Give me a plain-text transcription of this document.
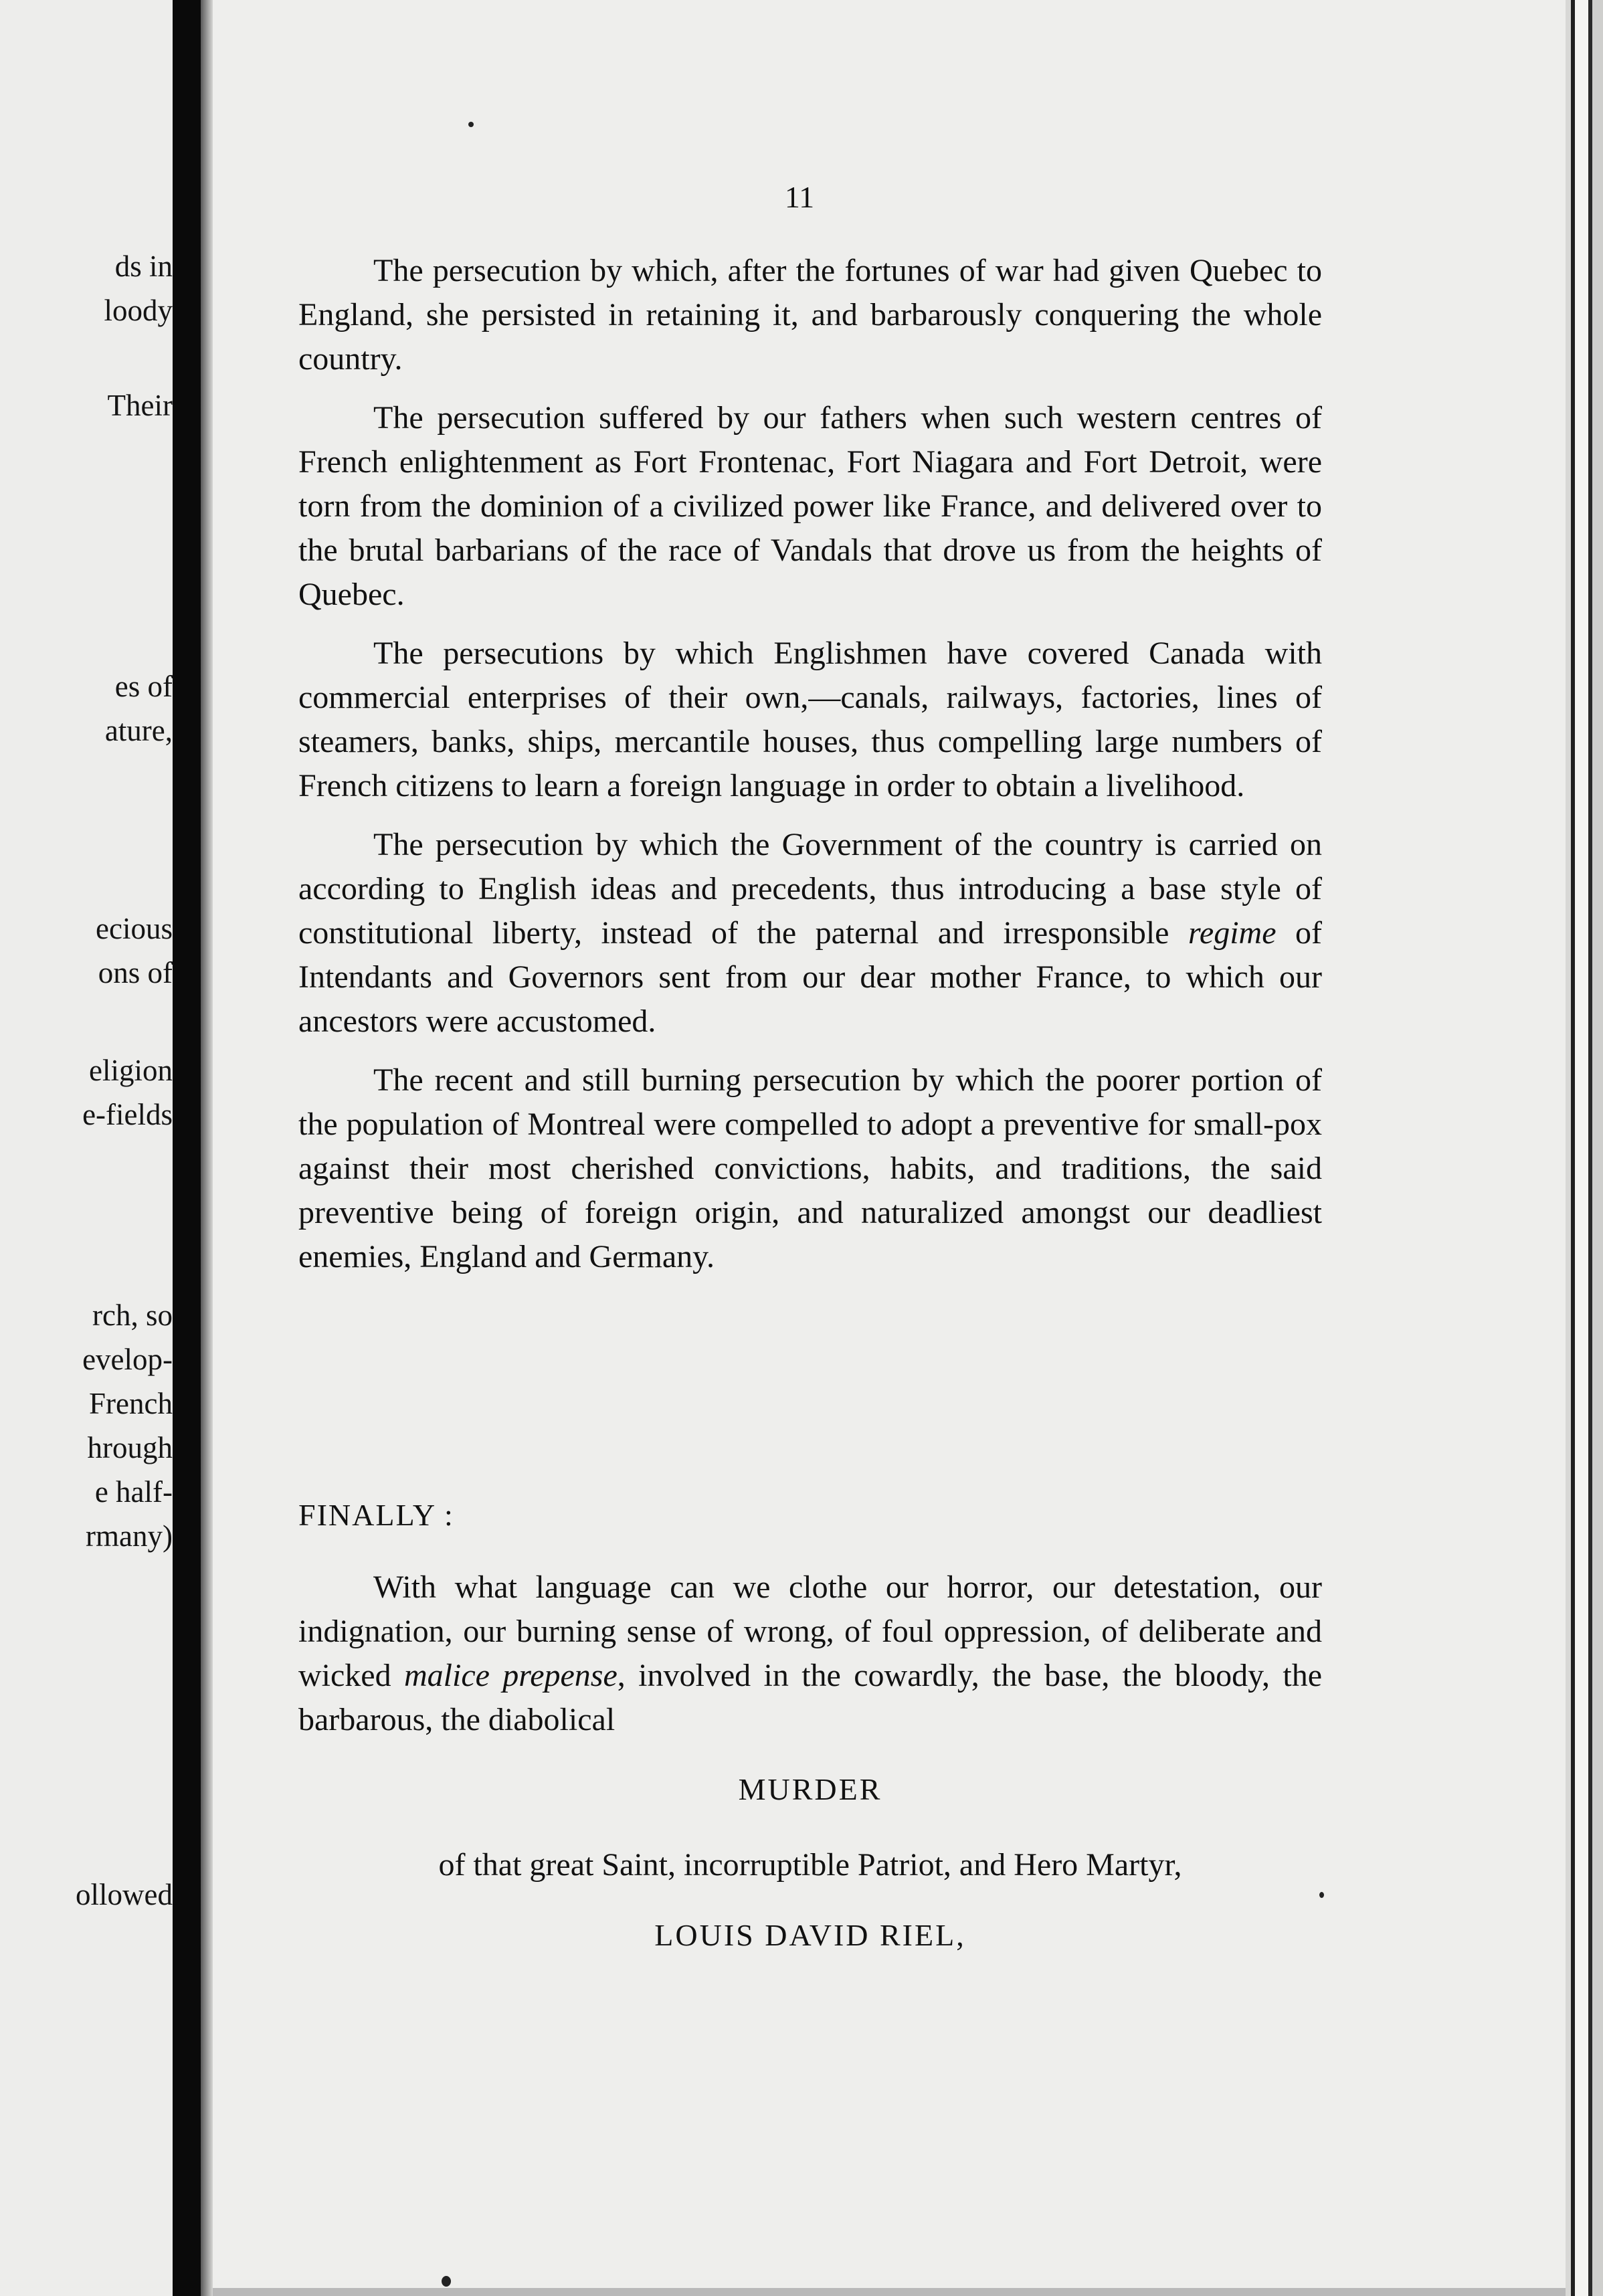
ds in
loody
Their
es of
ature,
ecious
ons of
eligion
e-fields
rch, so
evelop-
French
hrough
e half-
rmany)
ollowed
11

The persecution by which, after the fortunes of war had given Quebec to England, she persisted in retaining it, and barbarously conquering the whole country.

The persecution suffered by our fathers when such western centres of French enlightenment as Fort Frontenac, Fort Niagara and Fort Detroit, were torn from the dominion of a civilized power like France, and delivered over to the brutal barbarians of the race of Vandals that drove us from the heights of Quebec.

The persecutions by which Englishmen have covered Canada with commercial enterprises of their own,—canals, railways, factories, lines of steamers, banks, ships, mercantile houses, thus compelling large numbers of French citizens to learn a foreign language in order to obtain a livelihood.

The persecution by which the Government of the country is carried on according to English ideas and precedents, thus introducing a base style of constitutional liberty, instead of the paternal and irresponsible regime of Intendants and Governors sent from our dear mother France, to which our ancestors were accustomed.

The recent and still burning persecution by which the poorer portion of the population of Montreal were compelled to adopt a preventive for small-pox against their most cherished convictions, habits, and traditions, the said preventive being of foreign origin, and naturalized amongst our deadliest enemies, England and Germany.

FINALLY :
With what language can we clothe our horror, our detestation, our indignation, our burning sense of wrong, of foul oppression, of deliberate and wicked malice prepense, involved in the cowardly, the base, the bloody, the barbarous, the diabolical
MURDER
of that great Saint, incorruptible Patriot, and Hero Martyr,
LOUIS DAVID RIEL,
